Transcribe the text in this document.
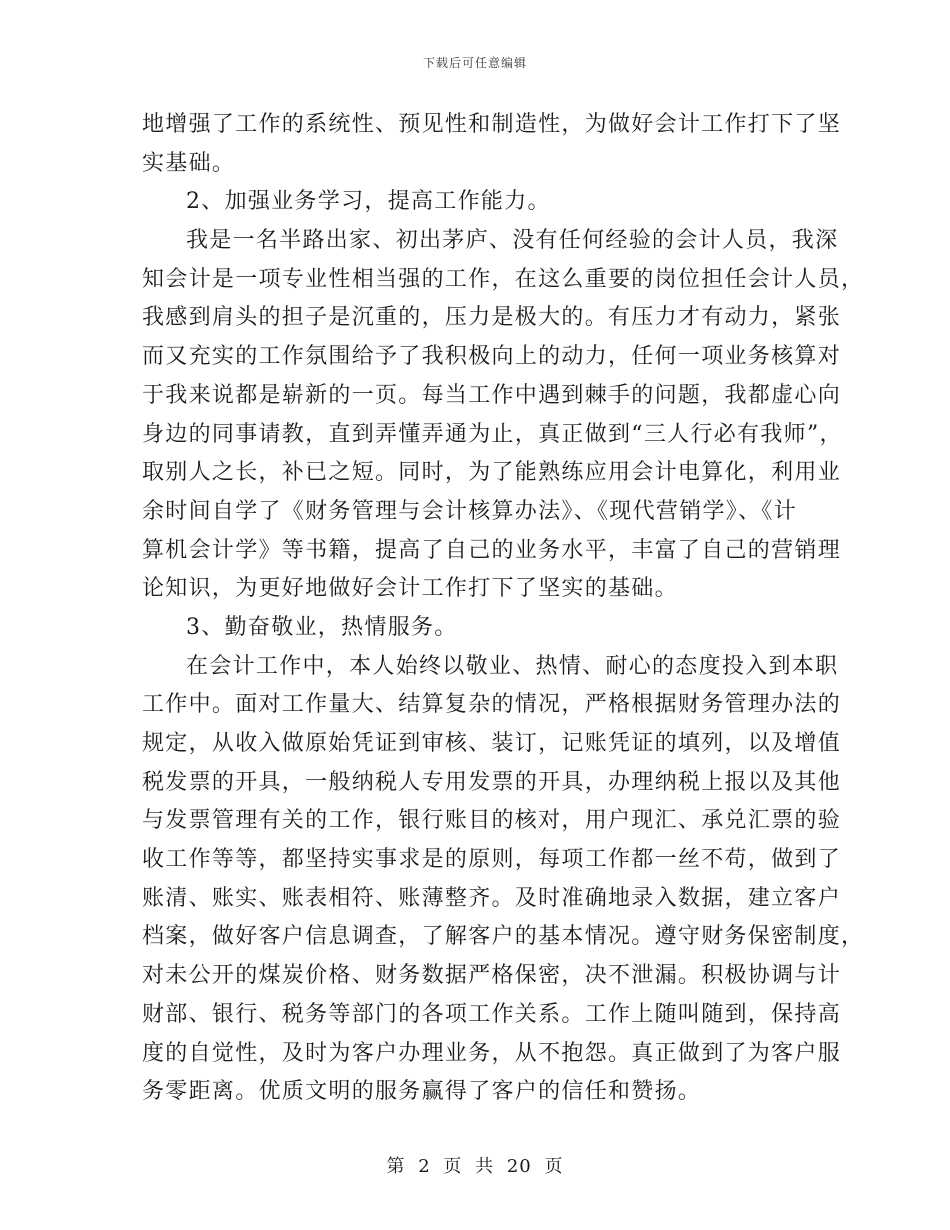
下载后可任意编辑
地增强了工作的系统性、预见性和制造性，为做好会计工作打下了坚
实基础。
2、加强业务学习，提高工作能力。
我是一名半路出家、初出茅庐、没有任何经验的会计人员，我深
知会计是一项专业性相当强的工作，在这么重要的岗位担任会计人员，
我感到肩头的担子是沉重的，压力是极大的。有压力才有动力，紧张
而又充实的工作氛围给予了我积极向上的动力，任何一项业务核算对
于我来说都是崭新的一页。每当工作中遇到棘手的问题，我都虚心向
身边的同事请教，直到弄懂弄通为止，真正做到“三人行必有我师”，
取别人之长，补已之短。同时，为了能熟练应用会计电算化，利用业
余时间自学了《财务管理与会计核算办法》、《现代营销学》、《计
算机会计学》等书籍，提高了自己的业务水平，丰富了自己的营销理
论知识，为更好地做好会计工作打下了坚实的基础。
3、勤奋敬业，热情服务。
在会计工作中，本人始终以敬业、热情、耐心的态度投入到本职
工作中。面对工作量大、结算复杂的情况，严格根据财务管理办法的
规定，从收入做原始凭证到审核、装订，记账凭证的填列，以及增值
税发票的开具，一般纳税人专用发票的开具，办理纳税上报以及其他
与发票管理有关的工作，银行账目的核对，用户现汇、承兑汇票的验
收工作等等，都坚持实事求是的原则，每项工作都一丝不苟，做到了
账清、账实、账表相符、账薄整齐。及时准确地录入数据，建立客户
档案，做好客户信息调查，了解客户的基本情况。遵守财务保密制度，
对未公开的煤炭价格、财务数据严格保密，决不泄漏。积极协调与计
财部、银行、税务等部门的各项工作关系。工作上随叫随到，保持高
度的自觉性，及时为客户办理业务，从不抱怨。真正做到了为客户服
务零距离。优质文明的服务赢得了客户的信任和赞扬。
第 2 页 共 20 页
